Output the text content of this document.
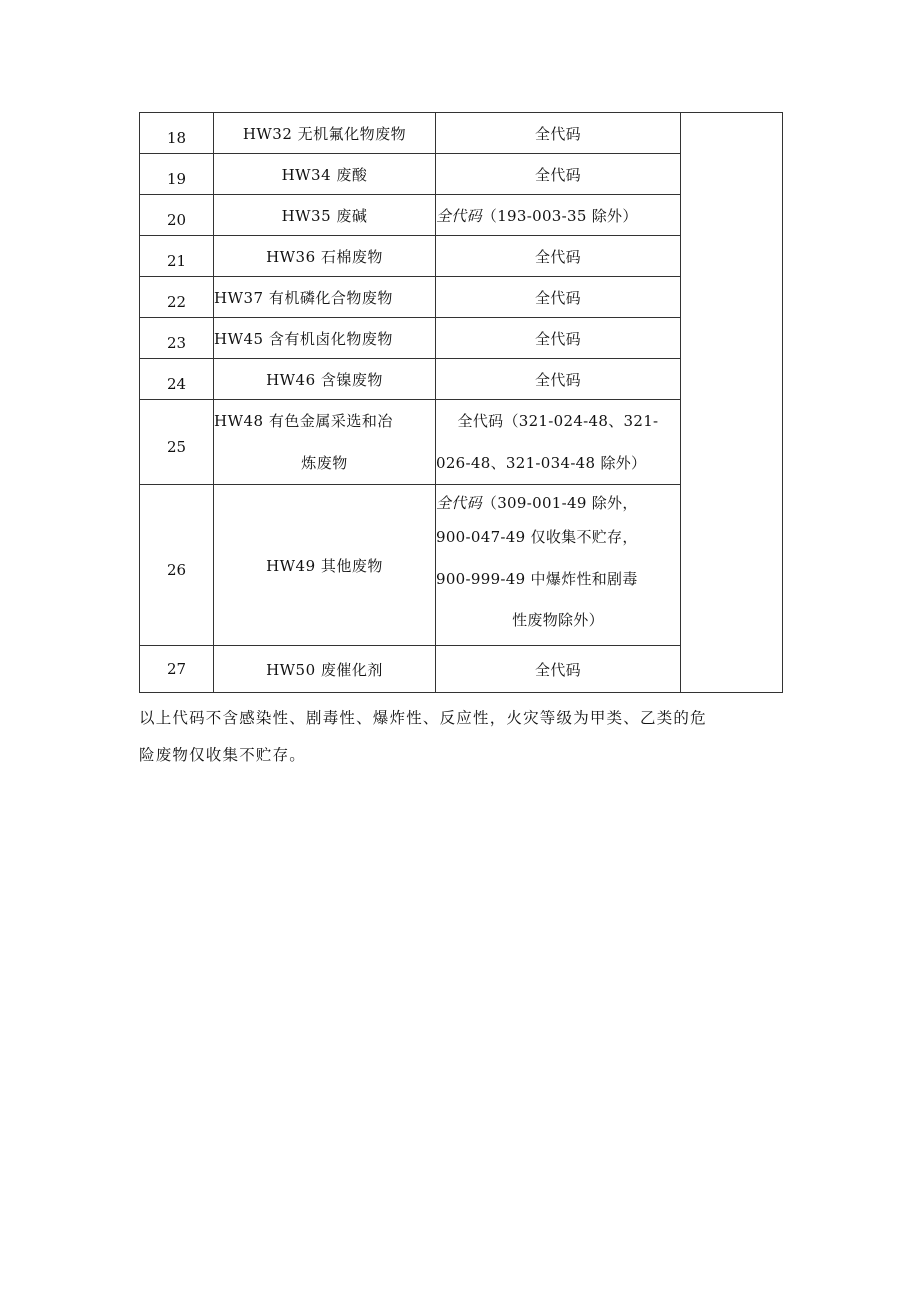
18	HW32 无机氟化物废物	全代码	
19	HW34 废酸	全代码	
20	HW35 废碱	全代码（193-003-35 除外）	
21	HW36 石棉废物	全代码	
22	HW37 有机磷化合物废物	全代码	
23	HW45 含有机卤化物废物	全代码	
24	HW46 含镍废物	全代码	
25	HW48 有色金属采选和冶
炼废物	全代码（321-024-48、321-
026-48、321-034-48 除外）	

26	HW49 其他废物	全代码（309-001-49 除外，
900-047-49 仅收集不贮存，
900-999-49 中爆炸性和剧毒
性废物除外）	

27	HW50 废催化剂	全代码	
以上代码不含感染性、剧毒性、爆炸性、反应性，火灾等级为甲类、乙类的危
险废物仅收集不贮存。
